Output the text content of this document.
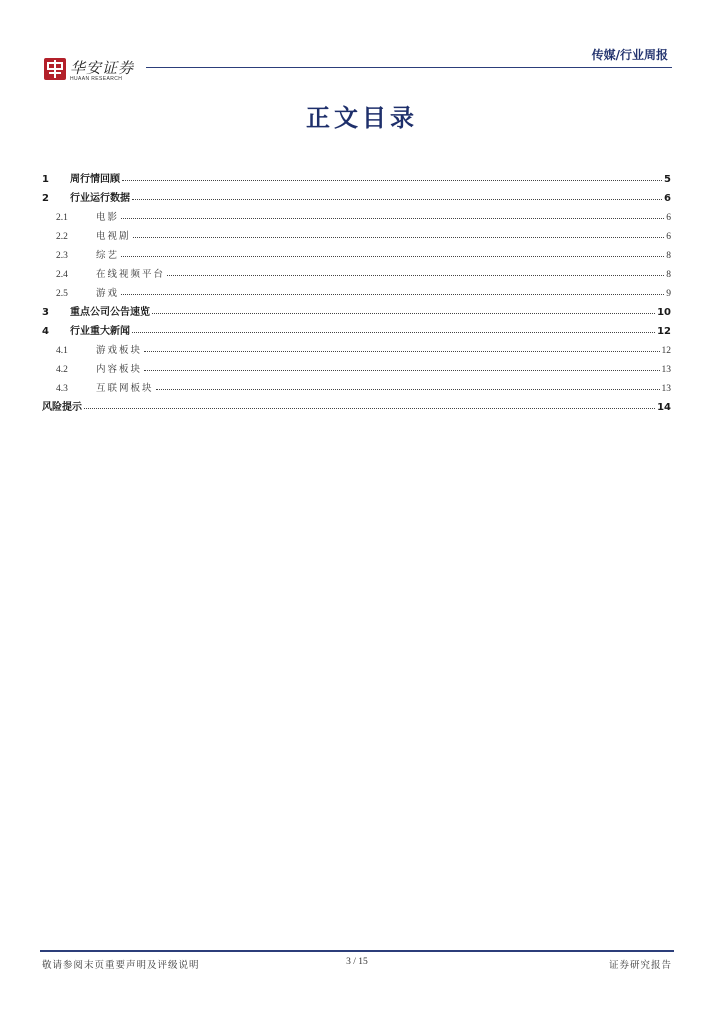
华安证券
HUAAN RESEARCH
传媒/行业周报
正文目录
1	周行情回顾	5
2	行业运行数据	6
2.1	电影	6
2.2	电视剧	6
2.3	综艺	8
2.4	在线视频平台	8
2.5	游戏	9
3	重点公司公告速览	10
4	行业重大新闻	12
4.1	游戏板块	12
4.2	内容板块	13
4.3	互联网板块	13
风险提示	14
敬请参阅末页重要声明及评级说明	3 / 15	证券研究报告
